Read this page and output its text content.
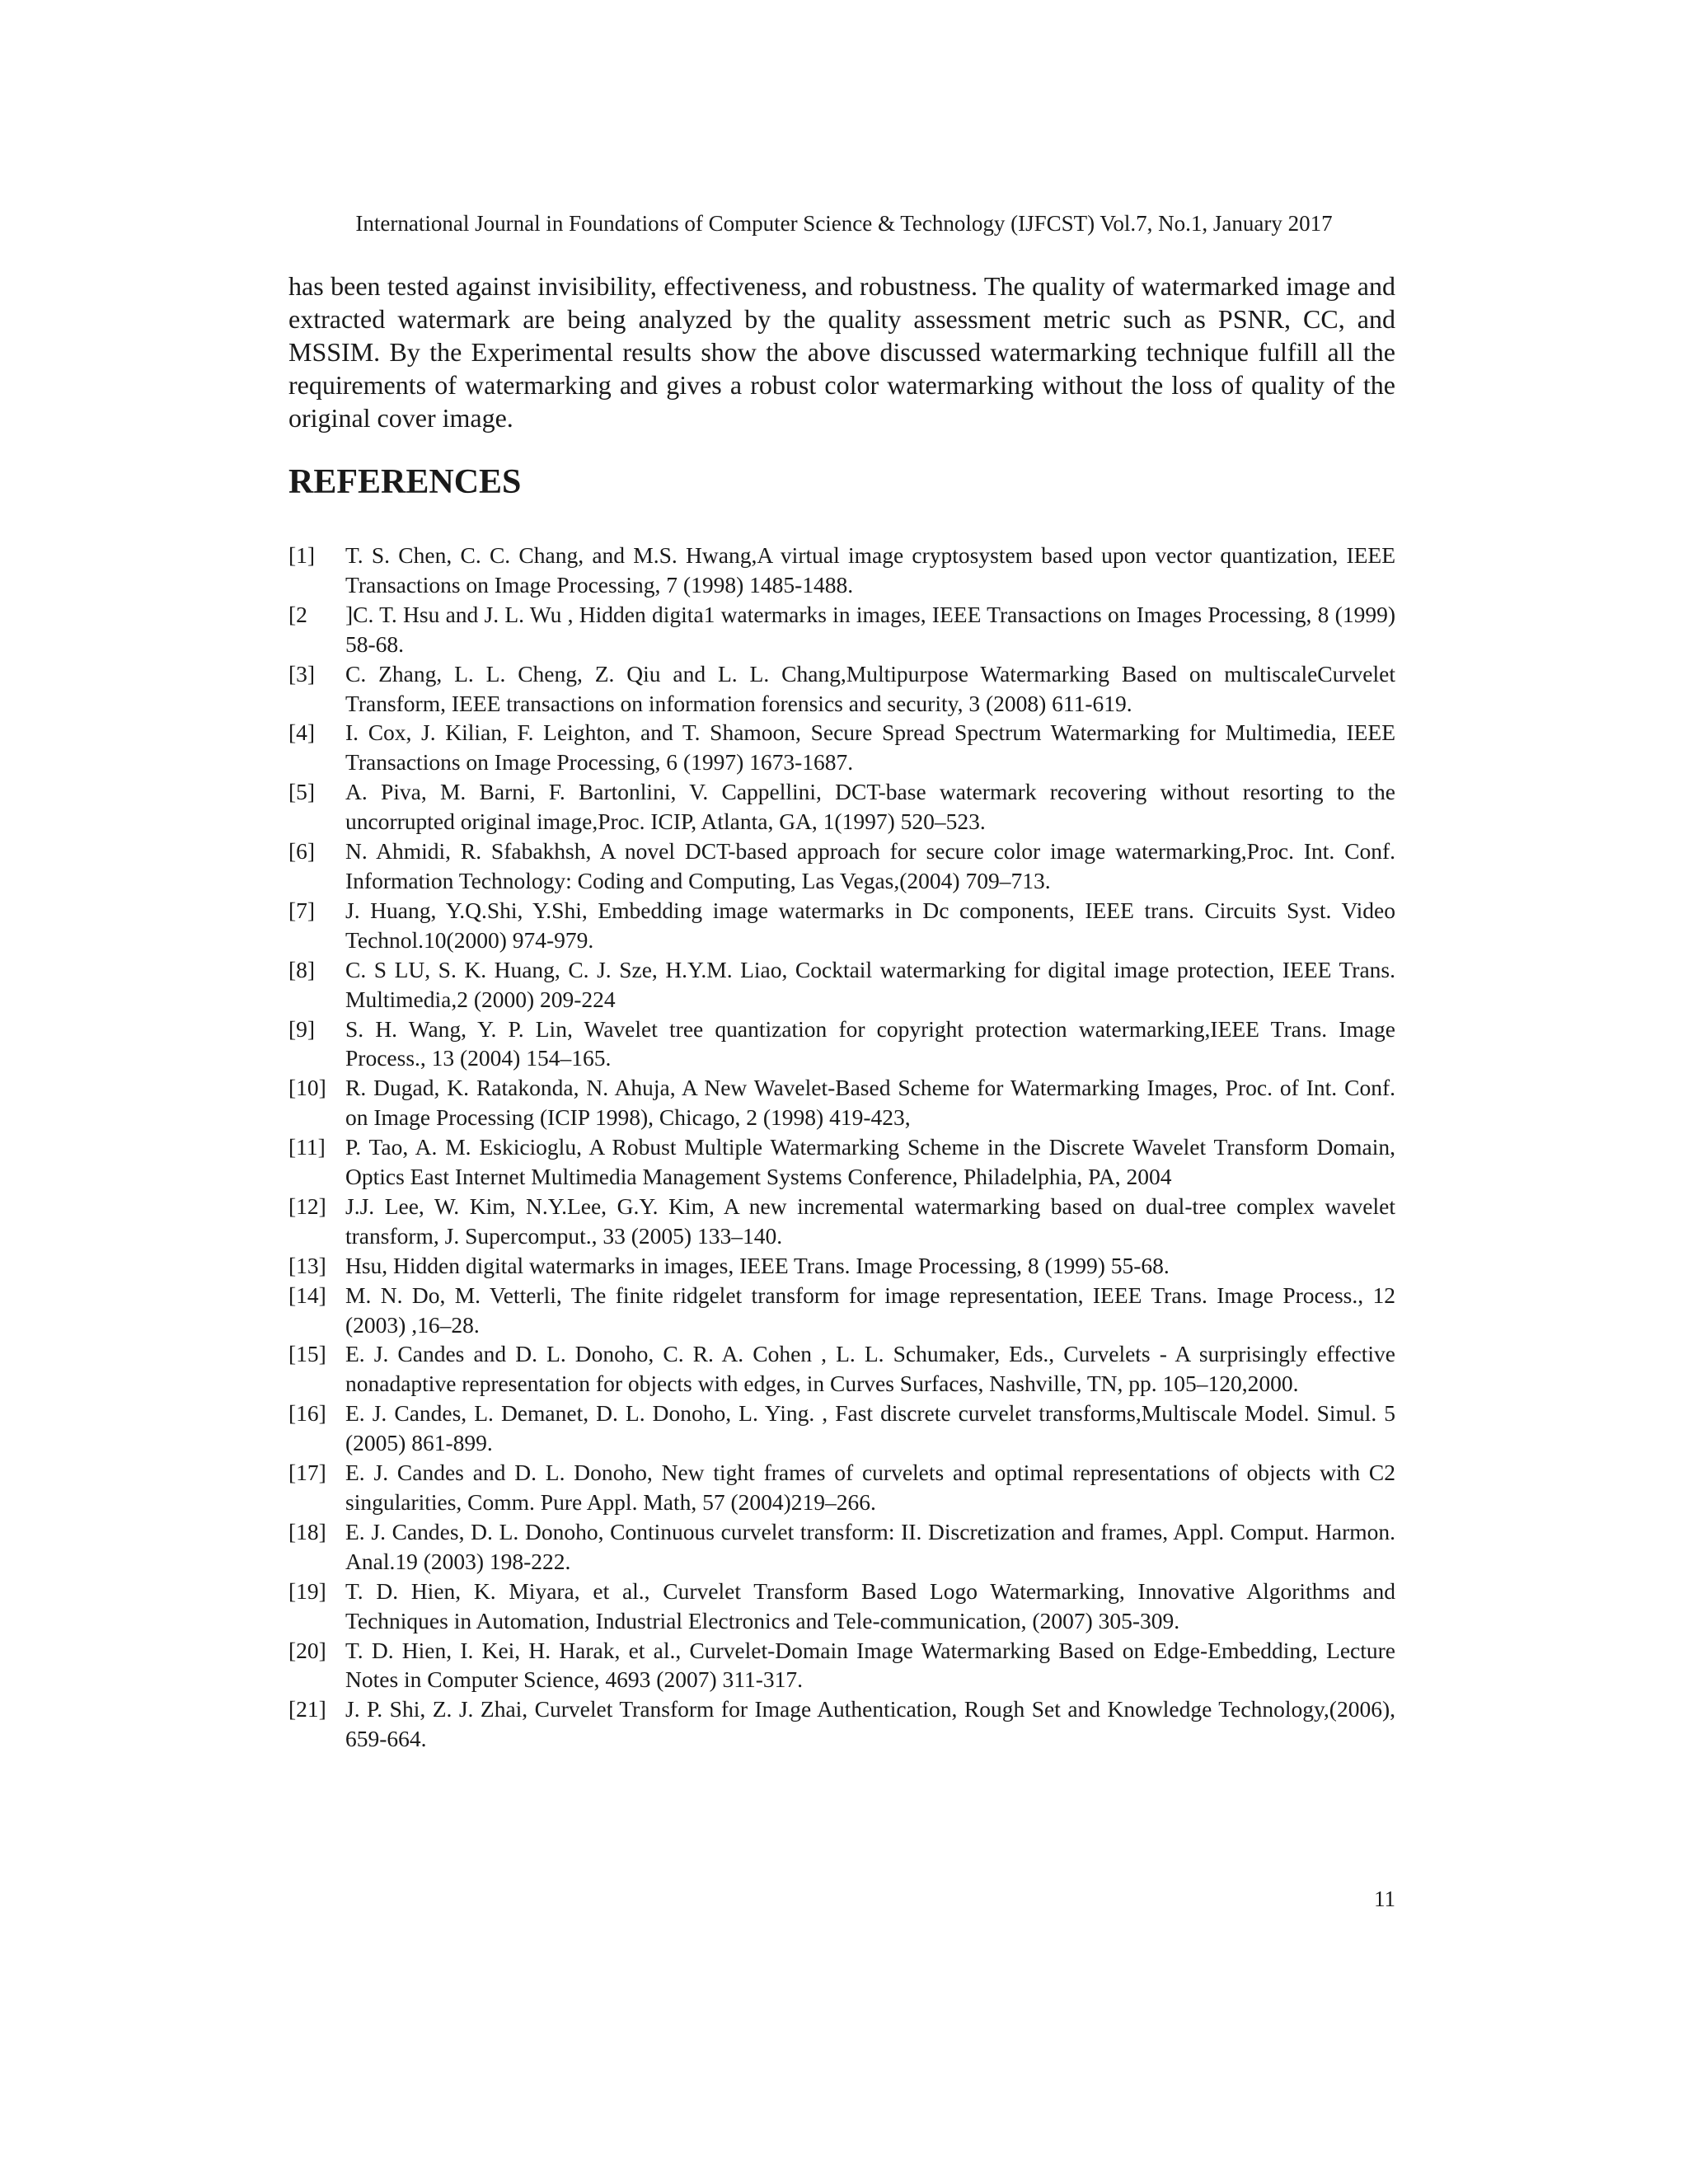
International Journal in Foundations of Computer Science & Technology (IJFCST) Vol.7, No.1, January 2017

has been tested against invisibility, effectiveness, and robustness. The quality of watermarked image and extracted watermark are being analyzed by the quality assessment metric such as PSNR, CC, and MSSIM. By the Experimental results show the above discussed watermarking technique fulfill all the requirements of watermarking and gives a robust color watermarking without the loss of quality of the original cover image.

REFERENCES
[1] T. S. Chen, C. C. Chang, and M.S. Hwang,A virtual image cryptosystem based upon vector quantization, IEEE Transactions on Image Processing, 7 (1998) 1485-1488.
[2 ]C. T. Hsu and J. L. Wu , Hidden digita1 watermarks in images, IEEE Transactions on Images Processing, 8 (1999) 58-68.
[3] C. Zhang, L. L. Cheng, Z. Qiu and L. L. Chang,Multipurpose Watermarking Based on multiscaleCurvelet Transform, IEEE transactions on information forensics and security, 3 (2008) 611-619.
[4] I. Cox, J. Kilian, F. Leighton, and T. Shamoon, Secure Spread Spectrum Watermarking for Multimedia, IEEE Transactions on Image Processing, 6 (1997) 1673-1687.
[5] A. Piva, M. Barni, F. Bartonlini, V. Cappellini, DCT-base watermark recovering without resorting to the uncorrupted original image,Proc. ICIP, Atlanta, GA, 1(1997) 520–523.
[6] N. Ahmidi, R. Sfabakhsh, A novel DCT-based approach for secure color image watermarking,Proc. Int. Conf. Information Technology: Coding and Computing, Las Vegas,(2004) 709–713.
[7] J. Huang, Y.Q.Shi, Y.Shi, Embedding image watermarks in Dc components, IEEE trans. Circuits Syst. Video Technol.10(2000) 974-979.
[8] C. S LU, S. K. Huang, C. J. Sze, H.Y.M. Liao, Cocktail watermarking for digital image protection, IEEE Trans. Multimedia,2 (2000) 209-224
[9] S. H. Wang, Y. P. Lin, Wavelet tree quantization for copyright protection watermarking,IEEE Trans. Image Process., 13 (2004) 154–165.
[10] R. Dugad, K. Ratakonda, N. Ahuja, A New Wavelet-Based Scheme for Watermarking Images, Proc. of Int. Conf. on Image Processing (ICIP 1998), Chicago, 2 (1998) 419-423,
[11] P. Tao, A. M. Eskicioglu, A Robust Multiple Watermarking Scheme in the Discrete Wavelet Transform Domain, Optics East Internet Multimedia Management Systems Conference, Philadelphia, PA, 2004
[12] J.J. Lee, W. Kim, N.Y.Lee, G.Y. Kim, A new incremental watermarking based on dual-tree complex wavelet transform, J. Supercomput., 33 (2005) 133–140.
[13] Hsu, Hidden digital watermarks in images, IEEE Trans. Image Processing, 8 (1999) 55-68.
[14] M. N. Do, M. Vetterli, The finite ridgelet transform for image representation, IEEE Trans. Image Process., 12 (2003) ,16–28.
[15] E. J. Candes and D. L. Donoho, C. R. A. Cohen , L. L. Schumaker, Eds., Curvelets - A surprisingly effective nonadaptive representation for objects with edges, in Curves Surfaces, Nashville, TN, pp. 105–120,2000.
[16] E. J. Candes, L. Demanet, D. L. Donoho, L. Ying. , Fast discrete curvelet transforms,Multiscale Model. Simul. 5 (2005) 861-899.
[17] E. J. Candes and D. L. Donoho, New tight frames of curvelets and optimal representations of objects with C2 singularities, Comm. Pure Appl. Math, 57 (2004)219–266.
[18] E. J. Candes, D. L. Donoho, Continuous curvelet transform: II. Discretization and frames, Appl. Comput. Harmon. Anal.19 (2003) 198-222.
[19] T. D. Hien, K. Miyara, et al., Curvelet Transform Based Logo Watermarking, Innovative Algorithms and Techniques in Automation, Industrial Electronics and Tele-communication, (2007) 305-309.
[20] T. D. Hien, I. Kei, H. Harak, et al., Curvelet-Domain Image Watermarking Based on Edge-Embedding, Lecture Notes in Computer Science, 4693 (2007) 311-317.
[21] J. P. Shi, Z. J. Zhai, Curvelet Transform for Image Authentication, Rough Set and Knowledge Technology,(2006), 659-664.
11
